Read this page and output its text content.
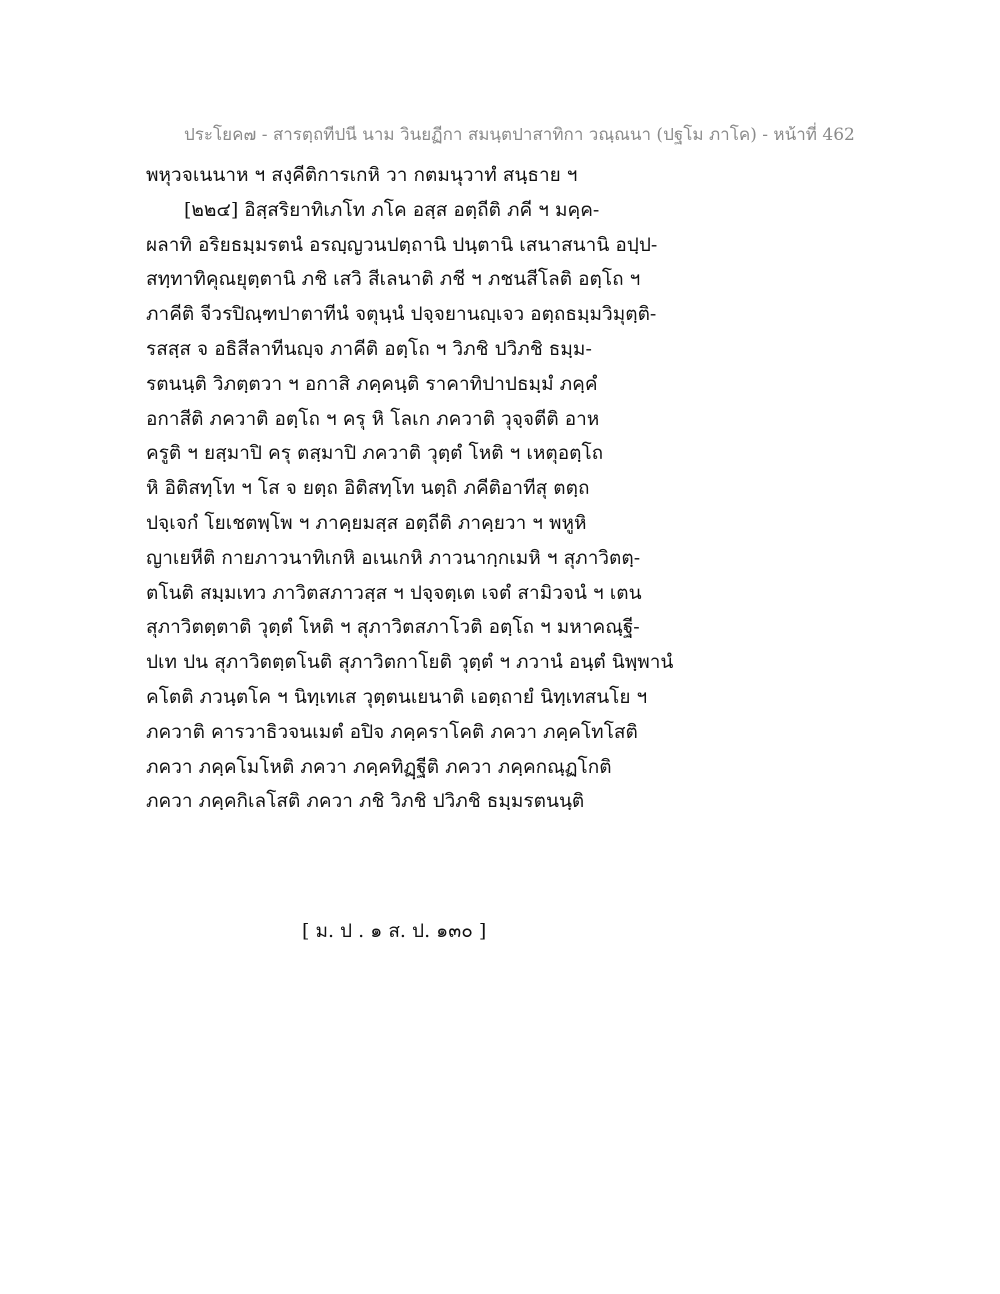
ประโยค๗ - สารตฺถทีปนี นาม วินยฏีกา สมนฺตปาสาทิกา วณฺณนา (ปฐโม ภาโค) - หน้าที่ 462
พหุวจเนนาห ฯ สงฺคีติการเกหิ วา กตมนุวาทํ สนฺธาย ฯ
[๒๒๔] อิสฺสริยาทิเภโท ภโค อสฺส อตฺถีติ ภคี ฯ มคฺค-
ผลาทิ อริยธมฺมรตนํ อรญฺญวนปตฺถานิ ปนฺตานิ เสนาสนานิ อปฺป-
สทฺทาทิคุณยุตฺตานิ ภชิ เสวิ สีเลนาติ ภชี ฯ ภชนสีโลติ อตฺโถ ฯ
ภาคีติ จีวรปิณฺฑปาตาทีนํ จตุนฺนํ ปจฺจยานญฺเจว อตฺถธมฺมวิมุตฺติ-
รสสฺส จ อธิสีลาทีนญฺจ ภาคีติ อตฺโถ ฯ วิภชิ ปวิภชิ ธมฺม-
รตนนฺติ วิภตฺตวา ฯ อกาสิ ภคฺคนฺติ ราคาทิปาปธมฺมํ ภคฺคํ
อกาสีติ ภควาติ อตฺโถ ฯ ครุ หิ โลเก ภควาติ วุจฺจตีติ อาห
ครูติ ฯ ยสฺมาปิ ครุ ตสฺมาปิ ภควาติ วุตฺตํ โหติ ฯ เหตุอตฺโถ
หิ อิติสทฺโท ฯ โส จ ยตฺถ อิติสทฺโท นตฺถิ ภคีติอาทีสุ ตตฺถ
ปจฺเจกํ โยเชตพฺโพ ฯ ภาคฺยมสฺส อตฺถีติ ภาคฺยวา ฯ พหูหิ
ญาเยหีติ กายภาวนาทิเกหิ อเนเกหิ ภาวนากฺกเมหิ ฯ สุภาวิตตฺ-
ตโนติ สมฺมเทว ภาวิตสภาวสฺส ฯ ปจฺจตฺเต เจตํ สามิวจนํ ฯ เตน
สุภาวิตตฺตาติ วุตฺตํ โหติ ฯ สุภาวิตสภาโวติ อตฺโถ ฯ มหาคณฺฐี-
ปเท ปน สุภาวิตตฺตโนติ สุภาวิตกาโยติ วุตฺตํ ฯ ภวานํ อนฺตํ นิพฺพานํ
คโตติ ภวนฺตโค ฯ นิทฺเทเส วุตฺตนเยนาติ เอตฺถายํ นิทฺเทสนโย ฯ
ภควาติ คารวาธิวจนเมตํ อปิจ ภคฺคราโคติ ภควา ภคฺคโทโสติ
ภควา ภคฺคโมโหติ ภควา ภคฺคทิฏฺฐีติ ภควา ภคฺคกณฺฏโกติ
ภควา ภคฺคกิเลโสติ ภควา ภชิ วิภชิ ปวิภชิ ธมฺมรตนนฺติ
[ ม. ป . ๑ ส. ป. ๑๓๐ ]
